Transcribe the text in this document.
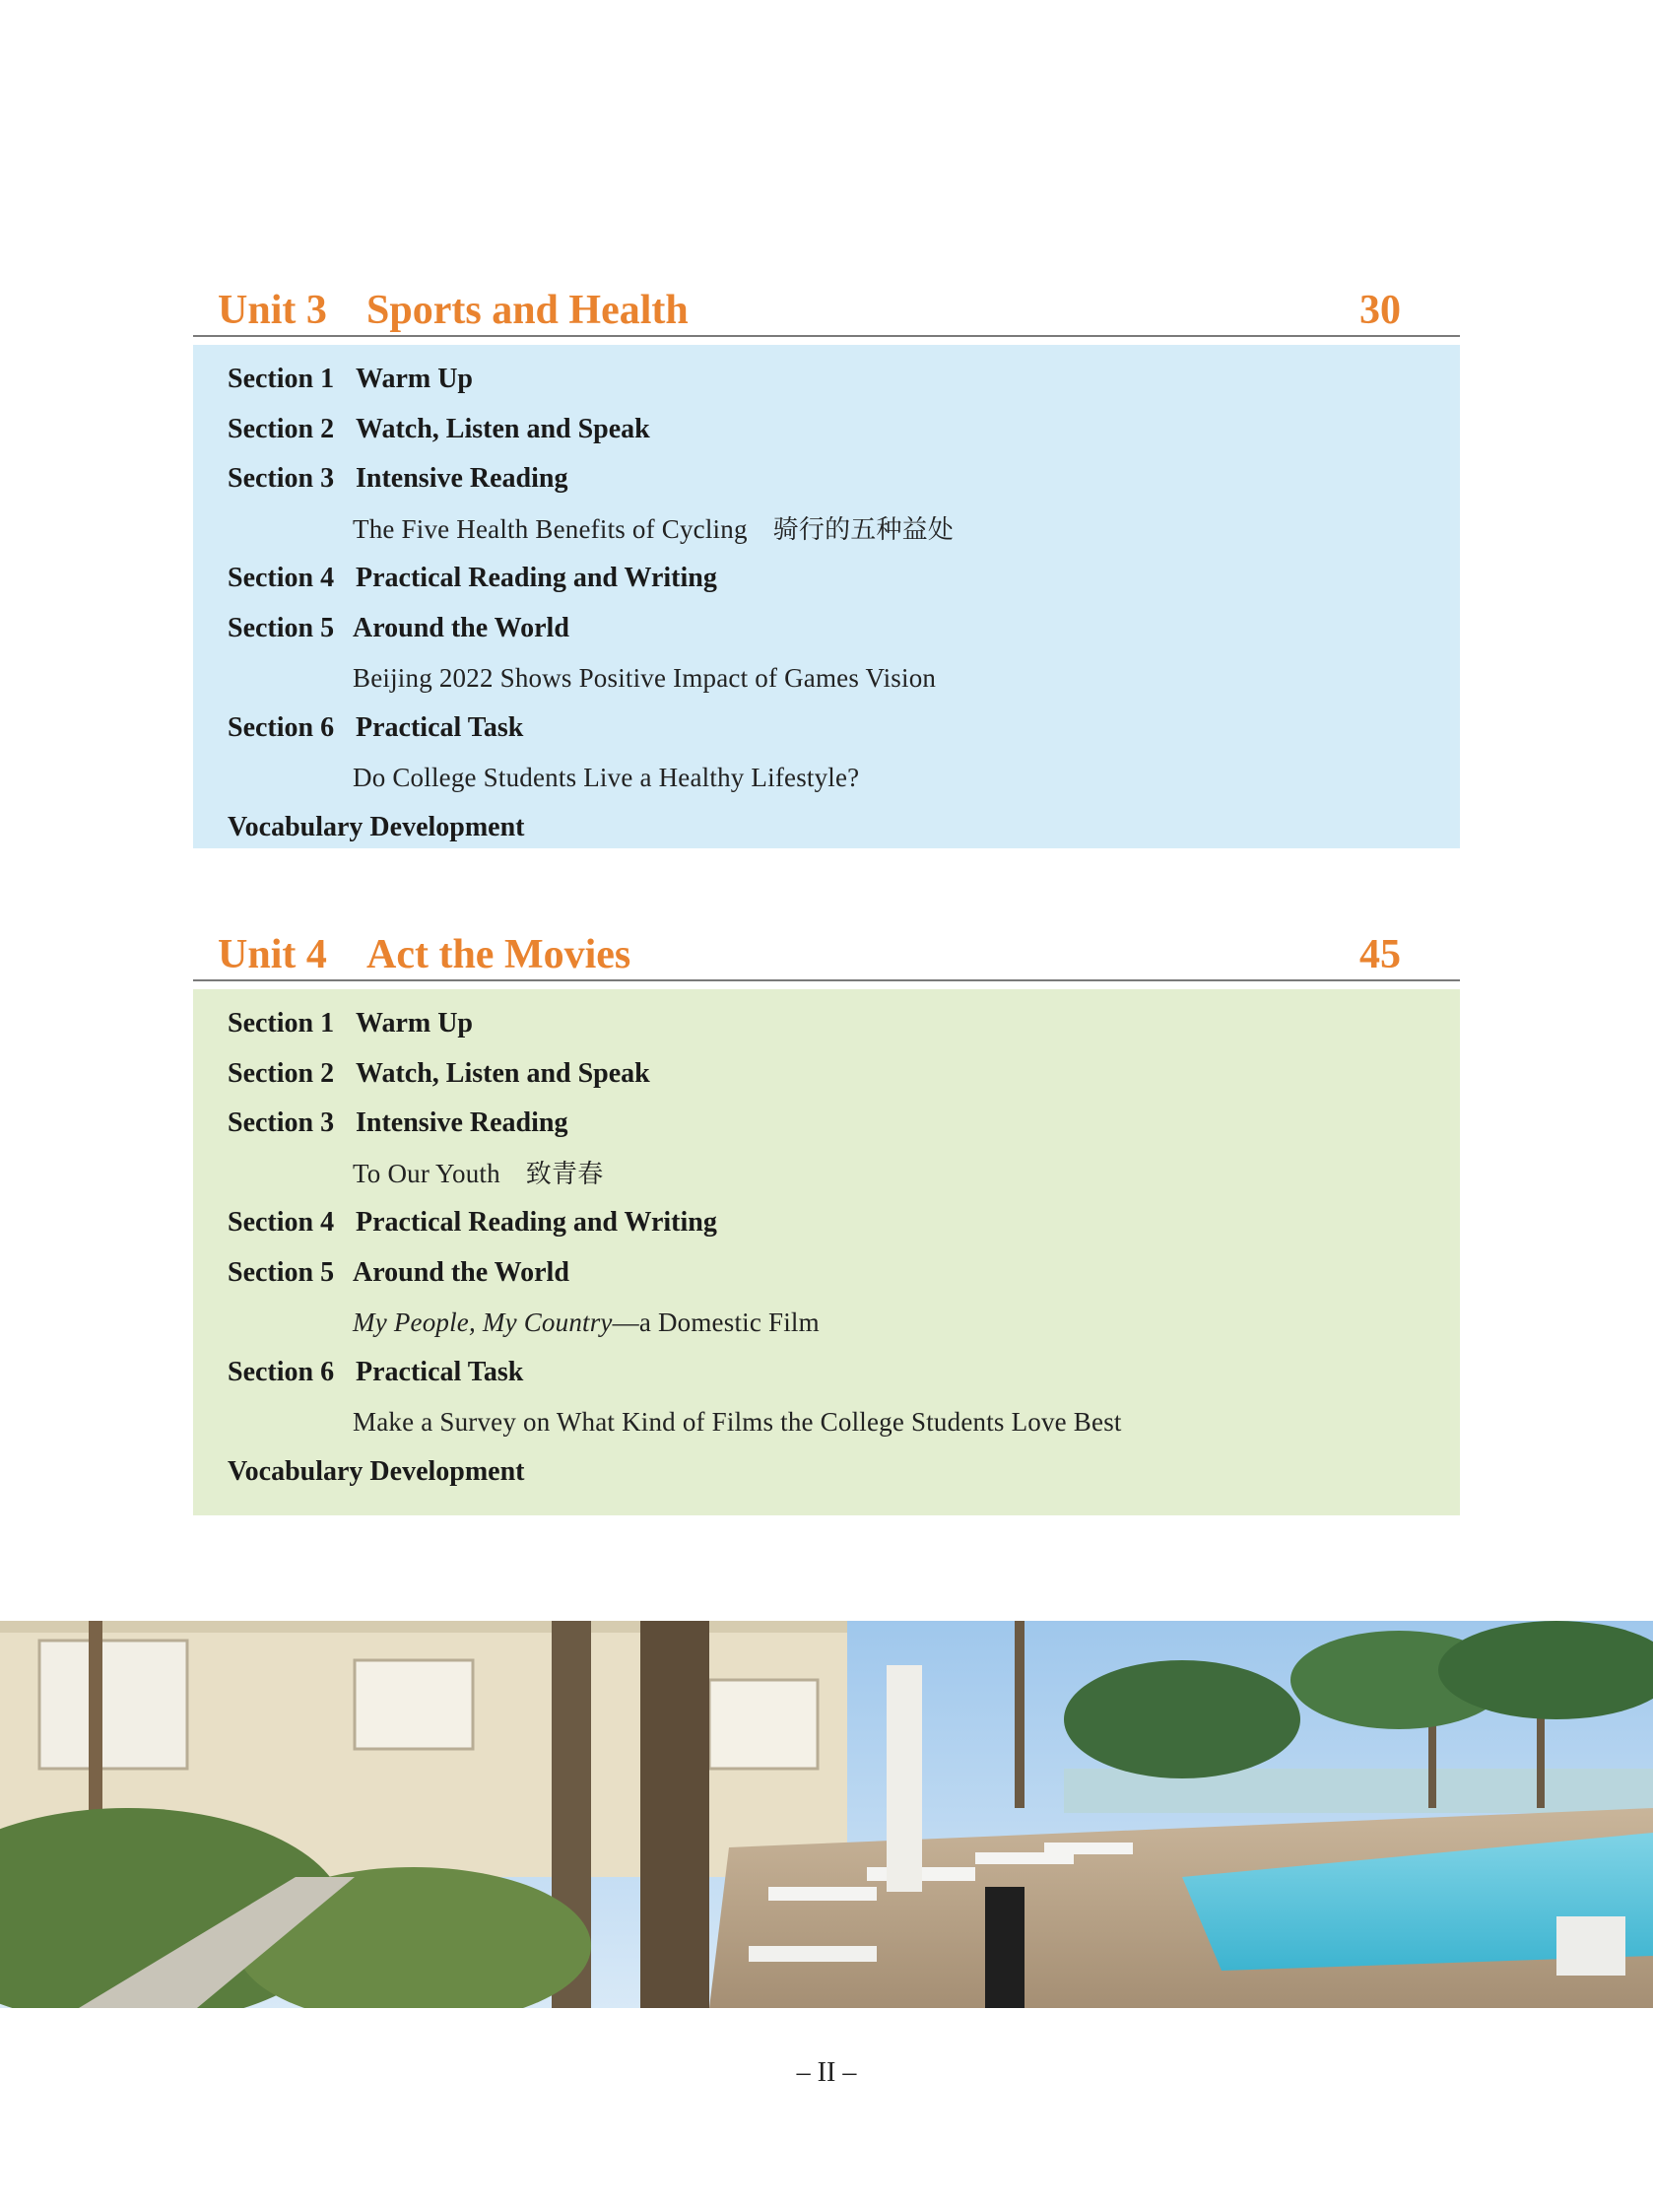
Unit 3 Sports and Health	30
Section 1 Warm Up
Section 2 Watch, Listen and Speak
Section 3 Intensive Reading
The Five Health Benefits of Cycling 骑行的五种益处
Section 4 Practical Reading and Writing
Section 5 Around the World
Beijing 2022 Shows Positive Impact of Games Vision
Section 6 Practical Task
Do College Students Live a Healthy Lifestyle?
Vocabulary Development
Unit 4 Act the Movies	45
Section 1 Warm Up
Section 2 Watch, Listen and Speak
Section 3 Intensive Reading
To Our Youth 致青春
Section 4 Practical Reading and Writing
Section 5 Around the World
My People, My Country—a Domestic Film
Section 6 Practical Task
Make a Survey on What Kind of Films the College Students Love Best
Vocabulary Development
– II –
